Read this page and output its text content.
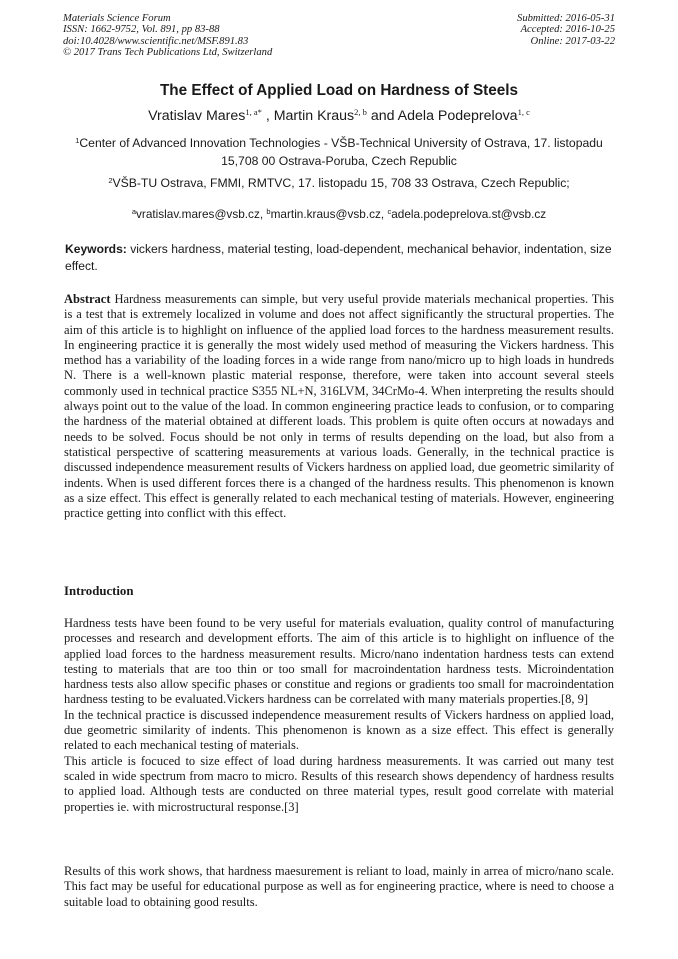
Materials Science Forum
ISSN: 1662-9752, Vol. 891, pp 83-88
doi:10.4028/www.scientific.net/MSF.891.83
© 2017 Trans Tech Publications Ltd, Switzerland
Submitted: 2016-05-31
Accepted: 2016-10-25
Online: 2017-03-22
The Effect of Applied Load on Hardness of Steels
Vratislav Mares$^{1, a*}$ , Martin Kraus$^{2, b}$ and Adela Podeprelova$^{1, c}$
$^1$Center of Advanced Innovation Technologies - VŠB-Technical University of Ostrava, 17. listopadu
15,708 00 Ostrava-Poruba, Czech Republic
$^2$VŠB-TU Ostrava, FMMI, RMTVC, 17. listopadu 15, 708 33 Ostrava, Czech Republic;
$^a$vratislav.mares@vsb.cz, $^b$martin.kraus@vsb.cz, $^c$adela.podeprelova.st@vsb.cz
Keywords: vickers hardness, material testing, load-dependent, mechanical behavior, indentation, size effect.

Abstract Hardness measurements can simple, but very useful provide materials mechanical properties. This is a test that is extremely localized in volume and does not affect significantly the structural properties. The aim of this article is to highlight on influence of the applied load forces to the hardness measurement results. In engineering practice it is generally the most widely used method of measuring the Vickers hardness. This method has a variability of the loading forces in a wide range from nano/micro up to high loads in hundreds N. There is a well-known plastic material response, therefore, were taken into account several steels commonly used in technical practice S355 NL+N, 316LVM, 34CrMo-4. When interpreting the results should always point out to the value of the load. In common engineering practice leads to confusion, or to comparing the hardness of the material obtained at different loads. This problem is quite often occurs at nowadays and needs to be solved. Focus should be not only in terms of results depending on the load, but also from a statistical perspective of scattering measurements at various loads. Generally, in the technical practice is discussed independence measurement results of Vickers hardness on applied load, due geometric similarity of indents. When is used different forces there is a changed of the hardness results. This phenomenon is known as a size effect. This effect is generally related to each mechanical testing of materials. However, engineering practice getting into conflict with this effect.

Introduction
Hardness tests have been found to be very useful for materials evaluation, quality control of manufacturing processes and research and development efforts. The aim of this article is to highlight on influence of the applied load forces to the hardness measurement results. Micro/nano indentation hardness tests can extend testing to materials that are too thin or too small for macroindentation hardness tests. Microindentation hardness tests also allow specific phases or constitue and regions or gradients too small for macroindentation hardness testing to be evaluated.Vickers hardness can be correlated with many materials properties.[8, 9]
In the technical practice is discussed independence measurement results of Vickers hardness on applied load, due geometric similarity of indents. This phenomenon is known as a size effect. This effect is generally related to each mechanical testing of materials.
This article is focuced to size effect of load during hardness measurements. It was carried out many test scaled in wide spectrum from macro to micro. Results of this research shows dependency of hardness results to applied load. Although tests are conducted on three material types, result good correlate with material properties ie. with microstructural response.[3]
Results of this work shows, that hardness maesurement is reliant to load, mainly in arrea of micro/nano scale. This fact may be useful for educational purpose as well as for engineering practice, where is need to choose a suitable load to obtaining good results.
